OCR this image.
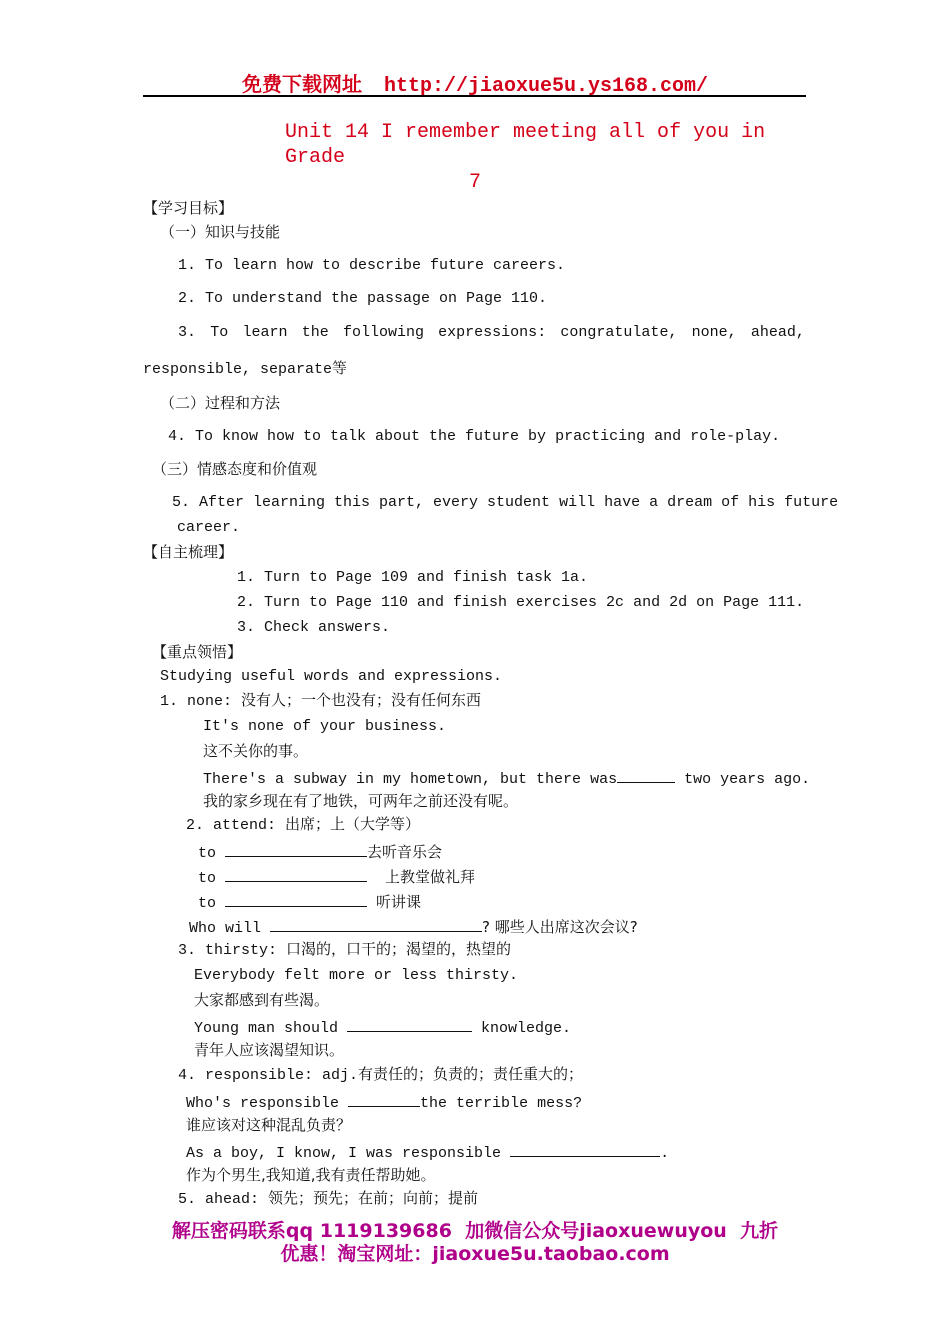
免费下载网址 http://jiaoxue5u.ys168.com/
Unit 14 I remember meeting all of you in Grade
7
【学习目标】
（一）知识与技能
1. To learn how to describe future careers.
2. To understand the passage on Page 110.
3. To learn the following expressions: congratulate, none, ahead,
responsible, separate等
（二）过程和方法
4. To know how to talk about the future by practicing and role-play.
（三）情感态度和价值观
5. After learning this part, every student will have a dream of his future
career.
【自主梳理】
1. Turn to Page 109 and finish task 1a.
2. Turn to Page 110 and finish exercises 2c and 2d on Page 111.
3. Check answers.
【重点领悟】
Studying useful words and expressions.
1. none: 没有人；一个也没有；没有任何东西
It's none of your business.
这不关你的事。
There's a subway in my hometown, but there was	two years ago.
我的家乡现在有了地铁，可两年之前还没有呢。
2. attend: 出席；上（大学等）
to	去听音乐会
to	上教堂做礼拜
to	听讲课
Who will	? 哪些人出席这次会议?
3. thirsty: 口渴的，口干的；渴望的，热望的
Everybody felt more or less thirsty.
大家都感到有些渴。
Young man should	knowledge.
青年人应该渴望知识。
4. responsible: adj.有责任的；负责的；责任重大的；
Who's responsible	the terrible mess?
谁应该对这种混乱负责？
As a boy, I know, I was responsible	.
作为个男生,我知道,我有责任帮助她。
5. ahead: 领先；预先；在前；向前；提前
解压密码联系qq 1119139686 加微信公众号jiaoxuewuyou 九折
优惠！淘宝网址：jiaoxue5u.taobao.com
